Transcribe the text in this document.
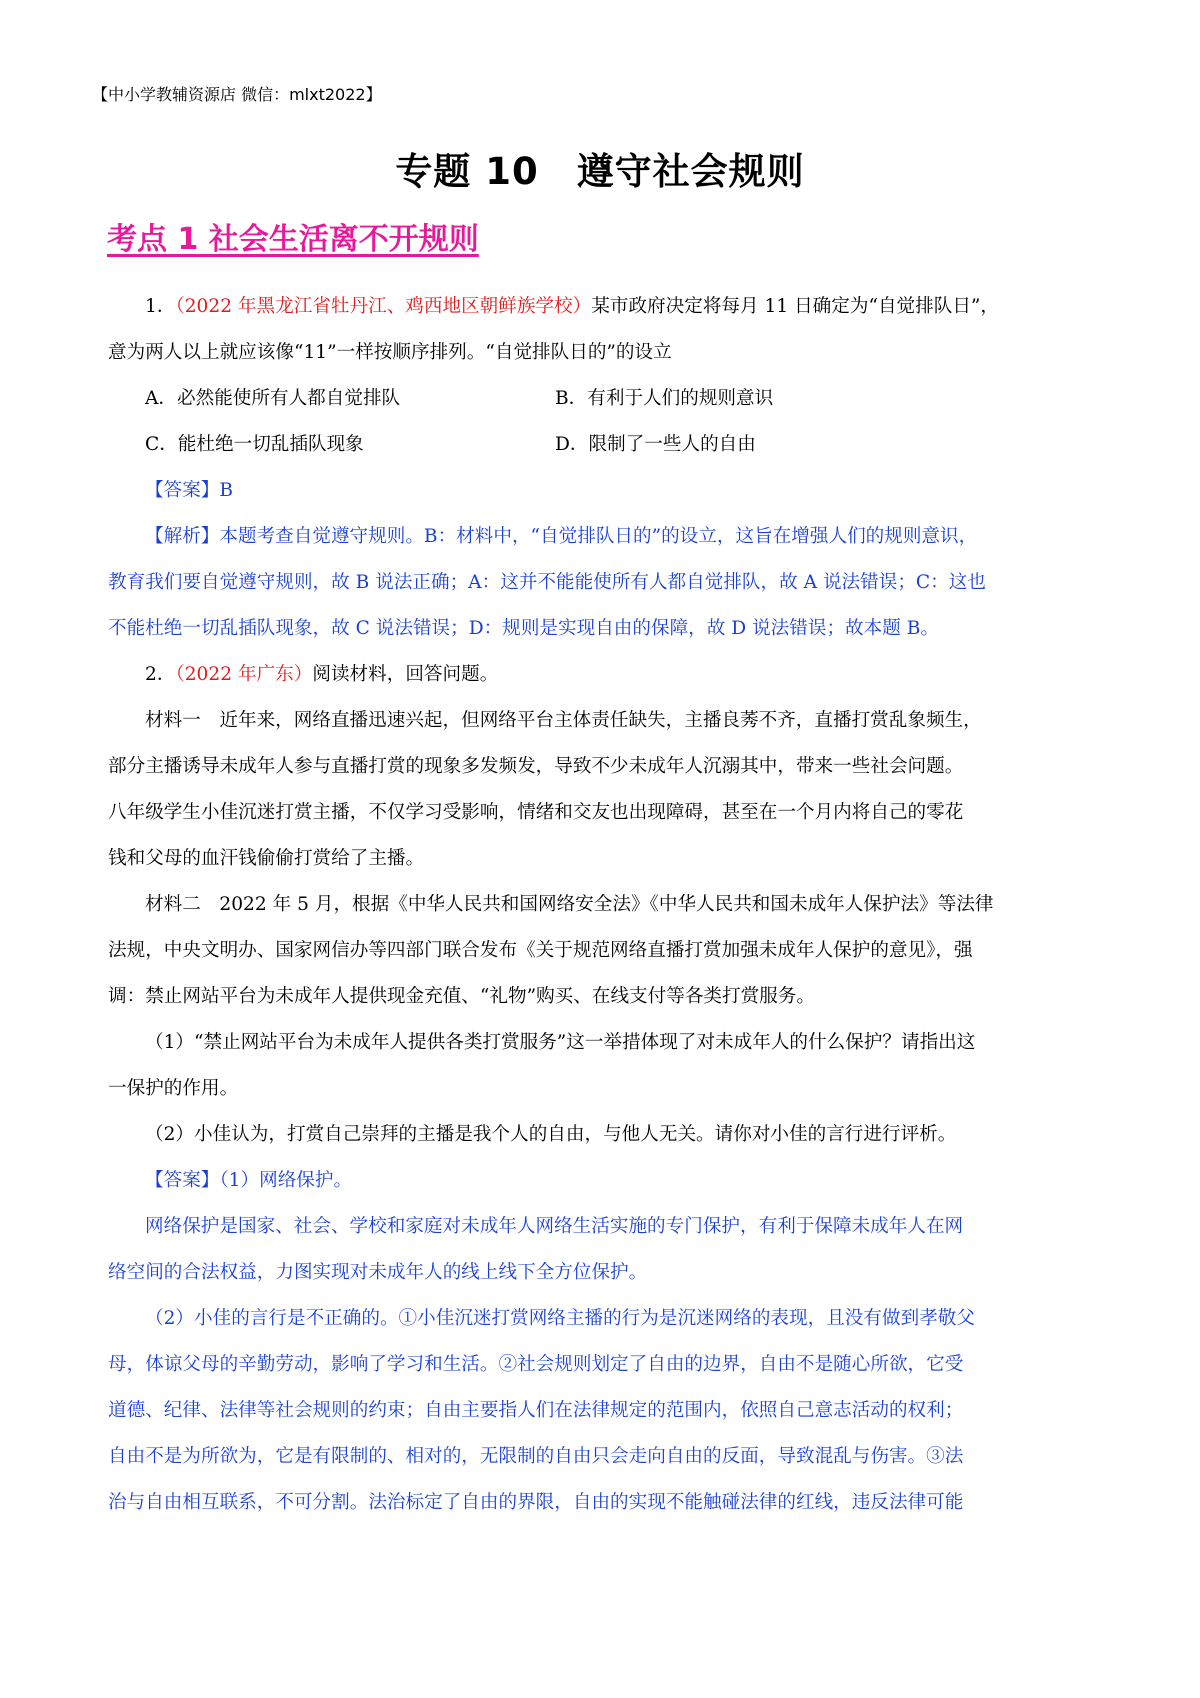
【中小学教辅资源店 微信：mlxt2022】
专题 10 遵守社会规则
考点 1 社会生活离不开规则

1．（2022 年黑龙江省牡丹江、鸡西地区朝鲜族学校）某市政府决定将每月 11 日确定为“自觉排队日”，

意为两人以上就应该像“11”一样按顺序排列。“自觉排队日的”的设立

A．必然能使所有人都自觉排队	B．有利于人们的规则意识
C．能杜绝一切乱插队现象	D．限制了一些人的自由

【答案】B

【解析】本题考查自觉遵守规则。B：材料中，“自觉排队日的”的设立，这旨在增强人们的规则意识，

教育我们要自觉遵守规则，故 B 说法正确；A：这并不能能使所有人都自觉排队，故 A 说法错误；C：这也

不能杜绝一切乱插队现象，故 C 说法错误；D：规则是实现自由的保障，故 D 说法错误；故本题 B。

2．（2022 年广东）阅读材料，回答问题。

材料一　近年来，网络直播迅速兴起，但网络平台主体责任缺失，主播良莠不齐，直播打赏乱象频生，

部分主播诱导未成年人参与直播打赏的现象多发频发，导致不少未成年人沉溺其中，带来一些社会问题。

八年级学生小佳沉迷打赏主播，不仅学习受影响，情绪和交友也出现障碍，甚至在一个月内将自己的零花

钱和父母的血汗钱偷偷打赏给了主播。

材料二　2022 年 5 月，根据《中华人民共和国网络安全法》《中华人民共和国未成年人保护法》等法律

法规，中央文明办、国家网信办等四部门联合发布《关于规范网络直播打赏加强未成年人保护的意见》，强

调：禁止网站平台为未成年人提供现金充值、“礼物”购买、在线支付等各类打赏服务。

（1）“禁止网站平台为未成年人提供各类打赏服务”这一举措体现了对未成年人的什么保护？请指出这

一保护的作用。

（2）小佳认为，打赏自己崇拜的主播是我个人的自由，与他人无关。请你对小佳的言行进行评析。

【答案】（1）网络保护。

网络保护是国家、社会、学校和家庭对未成年人网络生活实施的专门保护，有利于保障未成年人在网

络空间的合法权益，力图实现对未成年人的线上线下全方位保护。

（2）小佳的言行是不正确的。①小佳沉迷打赏网络主播的行为是沉迷网络的表现，且没有做到孝敬父

母，体谅父母的辛勤劳动，影响了学习和生活。②社会规则划定了自由的边界，自由不是随心所欲，它受

道德、纪律、法律等社会规则的约束；自由主要指人们在法律规定的范围内，依照自己意志活动的权利；

自由不是为所欲为，它是有限制的、相对的，无限制的自由只会走向自由的反面，导致混乱与伤害。③法

治与自由相互联系，不可分割。法治标定了自由的界限，自由的实现不能触碰法律的红线，违反法律可能
